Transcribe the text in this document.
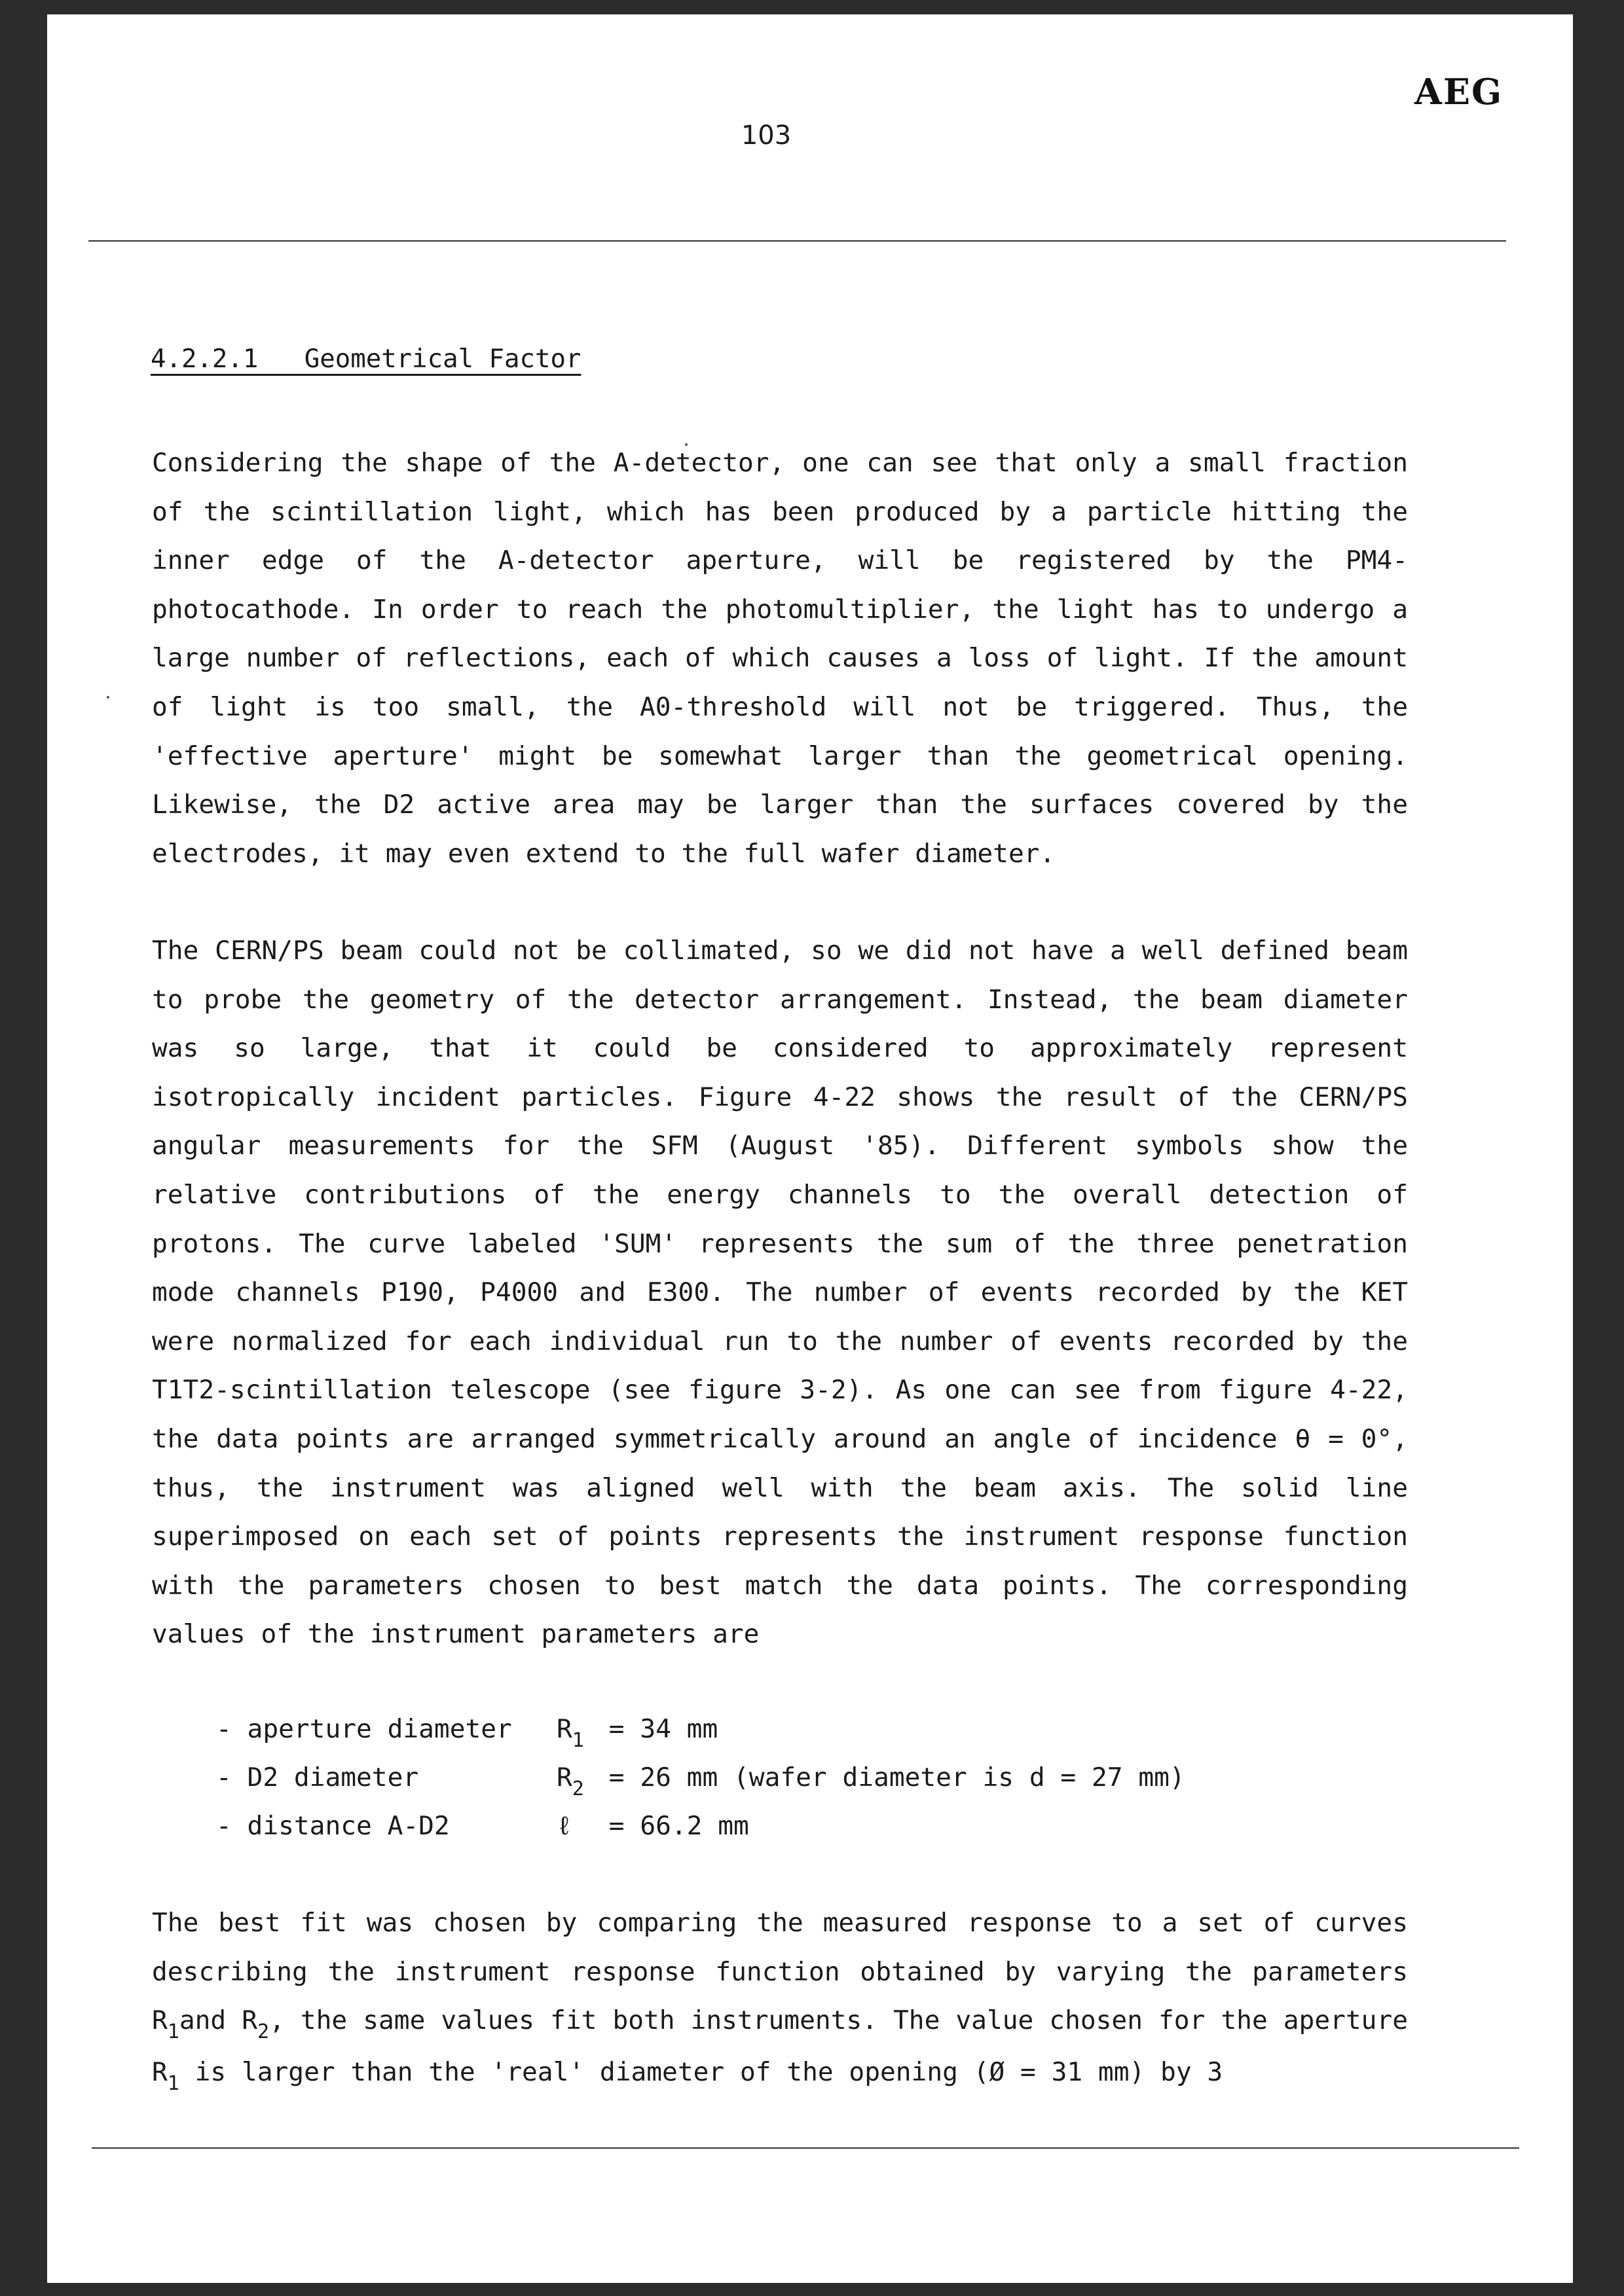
AEG
103
4.2.2.1   Geometrical Factor

Considering the shape of the A-detector, one can see that only a small fraction of the scintillation light, which has been produced by a particle hitting the inner edge of the A-detector aperture, will be registered by the PM4-photocathode. In order to reach the photomultiplier, the light has to undergo a large number of reflections, each of which causes a loss of light. If the amount of light is too small, the A0-threshold will not be triggered. Thus, the 'effective aperture' might be somewhat larger than the geometrical opening. Likewise, the D2 active area may be larger than the surfaces covered by the electrodes, it may even extend to the full wafer diameter.

The CERN/PS beam could not be collimated, so we did not have a well defined beam to probe the geometry of the detector arrangement. Instead, the beam diameter was so large, that it could be considered to approximately represent isotropically incident particles. Figure 4-22 shows the result of the CERN/PS angular measurements for the SFM (August '85). Different symbols show the relative contributions of the energy channels to the overall detection of protons. The curve labeled 'SUM' represents the sum of the three penetration mode channels P190, P4000 and E300. The number of events recorded by the KET were normalized for each individual run to the number of events recorded by the T1T2-scintillation telescope (see figure 3-2). As one can see from figure 4-22, the data points are arranged symmetrically around an angle of incidence θ = 0°, thus, the instrument was aligned well with the beam axis. The solid line superimposed on each set of points represents the instrument response function with the parameters chosen to best match the data points. The corresponding values of the instrument parameters are

- aperture diameter	$R_1 = 34$ mm
- D2 diameter	$R_2 = 26$ mm (wafer diameter is d = 27 mm)
- distance A-D2	ℓ = 66.2 mm

The best fit was chosen by comparing the measured response to a set of curves describing the instrument response function obtained by varying the parameters $R_1and$ $R_2$, the same values fit both instruments. The value chosen for the aperture $R_1$ is larger than the 'real' diameter of the opening (Ø = 31 mm) by 3
